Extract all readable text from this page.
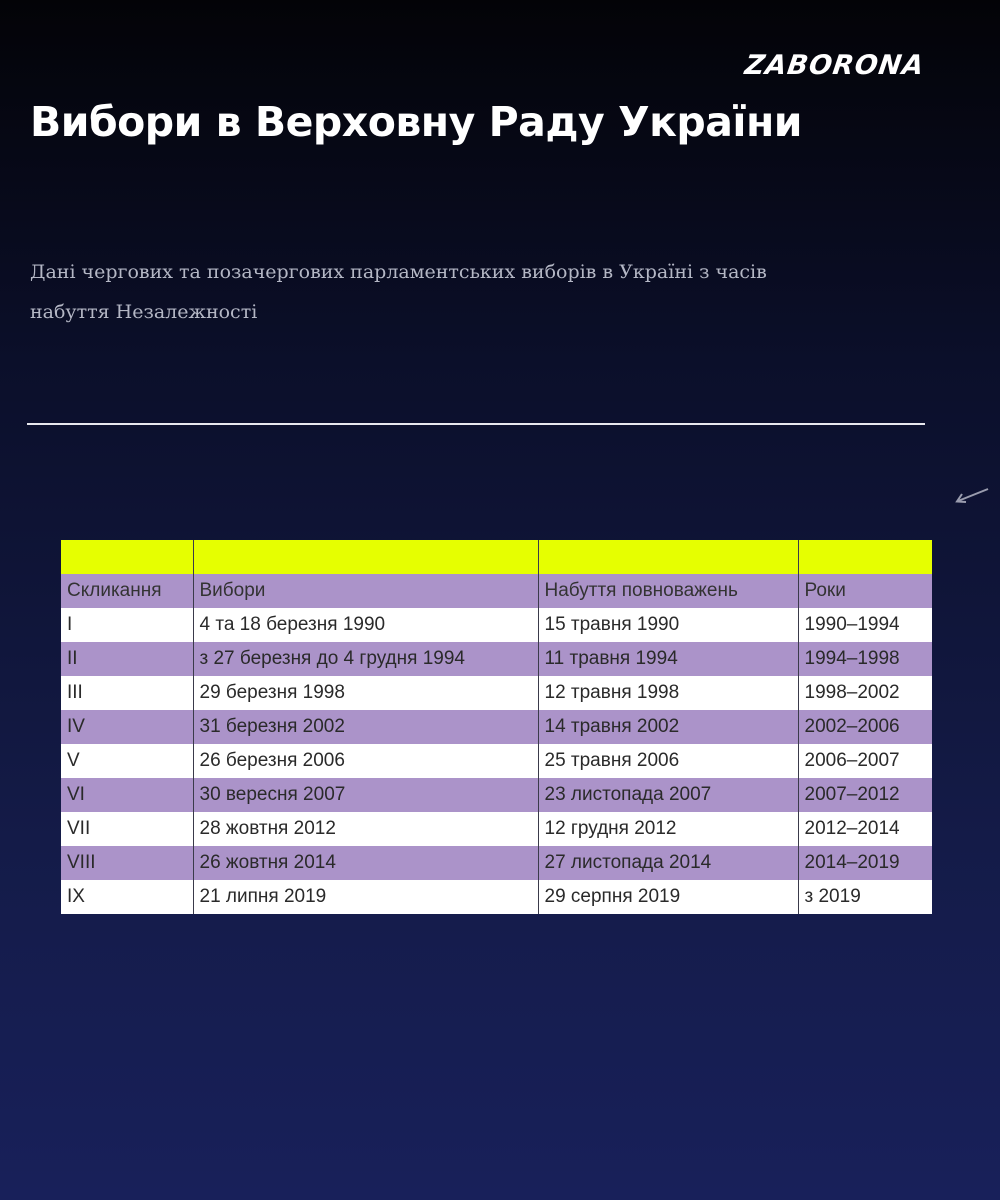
ZABORONA
Вибори в Верховну Раду України

Дані чергових та позачергових парламентських виборів в Україні з часів набуття Незалежності

Скликання	Вибори	Набуття повноважень	Роки
I	4 та 18 березня 1990	15 травня 1990	1990–1994
II	з 27 березня до 4 грудня 1994	11 травня 1994	1994–1998
III	29 березня 1998	12 травня 1998	1998–2002
IV	31 березня 2002	14 травня 2002	2002–2006
V	26 березня 2006	25 травня 2006	2006–2007
VI	30 вересня 2007	23 листопада 2007	2007–2012
VII	28 жовтня 2012	12 грудня 2012	2012–2014
VIII	26 жовтня 2014	27 листопада 2014	2014–2019
IX	21 липня 2019	29 серпня 2019	з 2019
